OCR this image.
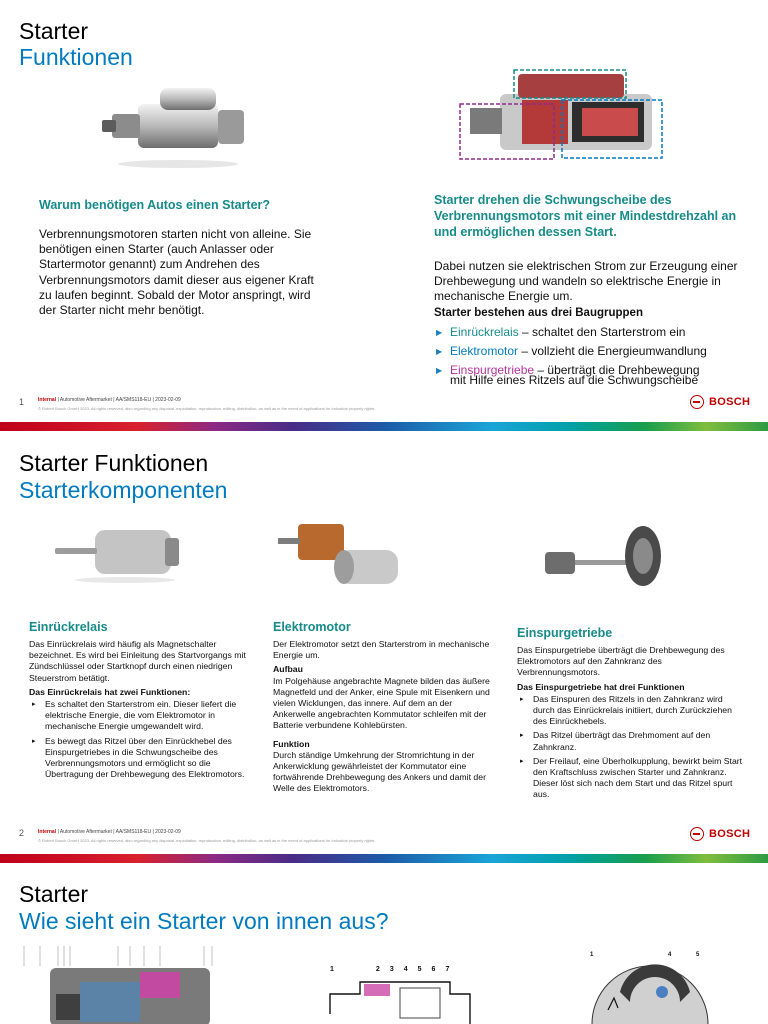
Starter
Funktionen
Warum benötigen Autos einen Starter?
Verbrennungsmotoren starten nicht von alleine. Sie benötigen einen Starter (auch Anlasser oder Startermotor genannt) zum Andrehen des Verbrennungsmotors damit dieser aus eigener Kraft zu laufen beginnt. Sobald der Motor anspringt, wird der Starter nicht mehr benötigt.
Starter drehen die Schwungscheibe des Verbrennungsmotors mit einer Mindestdrehzahl an und ermöglichen dessen Start.
Dabei nutzen sie elektrischen Strom zur Erzeugung einer Drehbewegung und wandeln so elektrische Energie in mechanische Energie um.
Starter bestehen aus drei Baugruppen
▶ Einrückrelais – schaltet den Starterstrom ein
▶ Elektromotor – vollzieht die Energieumwandlung
▶ Einspurgetriebe – überträgt die Drehbewegung
mit Hilfe eines Ritzels auf die Schwungscheibe
1	Internal | Automotive Aftermarket | AA/SMS118-EU | 2023-02-09
© Robert Bosch GmbH 2023. All rights reserved, also regarding any disposal, exploitation, reproduction, editing, distribution, as well as in the event of applications for industrial property rights.
BOSCH
Starter Funktionen
Starterkomponenten
Einrückrelais

Das Einrückrelais wird häufig als Magnetschalter bezeichnet. Es wird bei Einleitung des Startvorgangs mit Zündschlüssel oder Startknopf durch einen niedrigen Steuerstrom betätigt.

Das Einrückrelais hat zwei Funktionen:
▸ Es schaltet den Starterstrom ein. Dieser liefert die elektrische Energie, die vom Elektromotor in mechanische Energie umgewandelt wird.
▸ Es bewegt das Ritzel über den Einrückhebel des Einspurgetriebes in die Schwungscheibe des Verbrennungsmotors und ermöglicht so die Übertragung der Drehbewegung des Elektromotors.
Elektromotor

Der Elektromotor setzt den Starterstrom in mechanische Energie um.

Aufbau

Im Polgehäuse angebrachte Magnete bilden das äußere Magnetfeld und der Anker, eine Spule mit Eisenkern und vielen Wicklungen, das innere. Auf dem an der Ankerwelle angebrachten Kommutator schleifen mit der Batterie verbundene Kohlebürsten.

Funktion

Durch ständige Umkehrung der Stromrichtung in der Ankerwicklung gewährleistet der Kommutator eine fortwährende Drehbewegung des Ankers und damit der Welle des Elektromotors.

Einspurgetriebe

Das Einspurgetriebe überträgt die Drehbewegung des Elektromotors auf den Zahnkranz des Verbrennungsmotors.

Das Einspurgetriebe hat drei Funktionen
▸ Das Einspuren des Ritzels in den Zahnkranz wird durch das Einrückrelais initiiert, durch Zurückziehen des Einrückhebels.
▸ Das Ritzel überträgt das Drehmoment auf den Zahnkranz.
▸ Der Freilauf, eine Überholkupplung, bewirkt beim Start den Kraftschluss zwischen Starter und Zahnkranz. Dieser löst sich nach dem Start und das Ritzel spurt aus.
2	Internal | Automotive Aftermarket | AA/SMS118-EU | 2023-02-09
© Robert Bosch GmbH 2023. All rights reserved, also regarding any disposal, exploitation, reproduction, editing, distribution, as well as in the event of applications for industrial property rights.
BOSCH
Starter
Wie sieht ein Starter von innen aus?
1	2 3 4 5 6 7
1	4	5
